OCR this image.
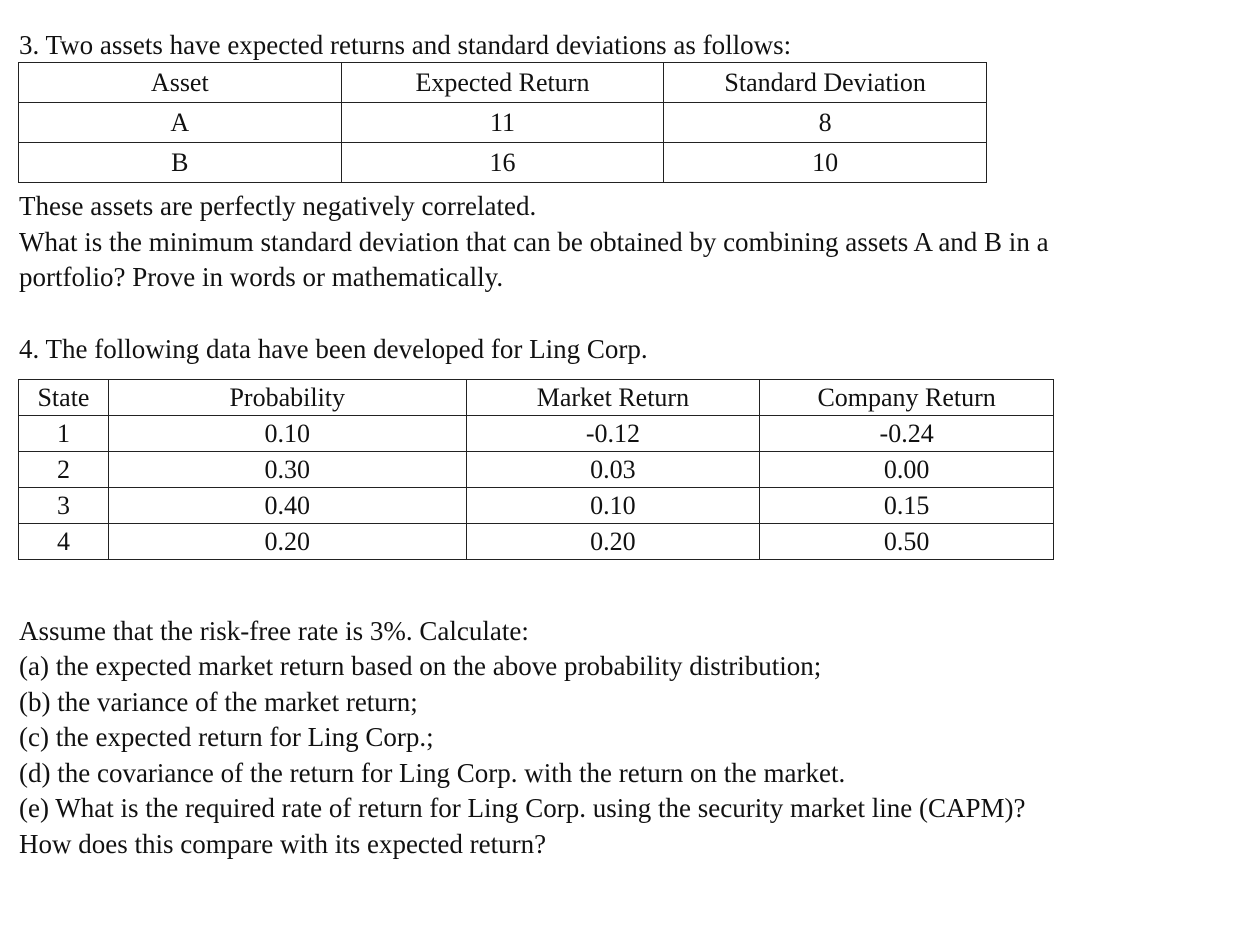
3. Two assets have expected returns and standard deviations as follows:
Asset	Expected Return	Standard Deviation
A	11	8
B	16	10
These assets are perfectly negatively correlated.
What is the minimum standard deviation that can be obtained by combining assets A and B in a
portfolio? Prove in words or mathematically.
4. The following data have been developed for Ling Corp.
State	Probability	Market Return	Company Return
1	0.10	-0.12	-0.24
2	0.30	0.03	0.00
3	0.40	0.10	0.15
4	0.20	0.20	0.50
Assume that the risk-free rate is 3%. Calculate:
(a) the expected market return based on the above probability distribution;
(b) the variance of the market return;
(c) the expected return for Ling Corp.;
(d) the covariance of the return for Ling Corp. with the return on the market.
(e) What is the required rate of return for Ling Corp. using the security market line (CAPM)?
How does this compare with its expected return?
